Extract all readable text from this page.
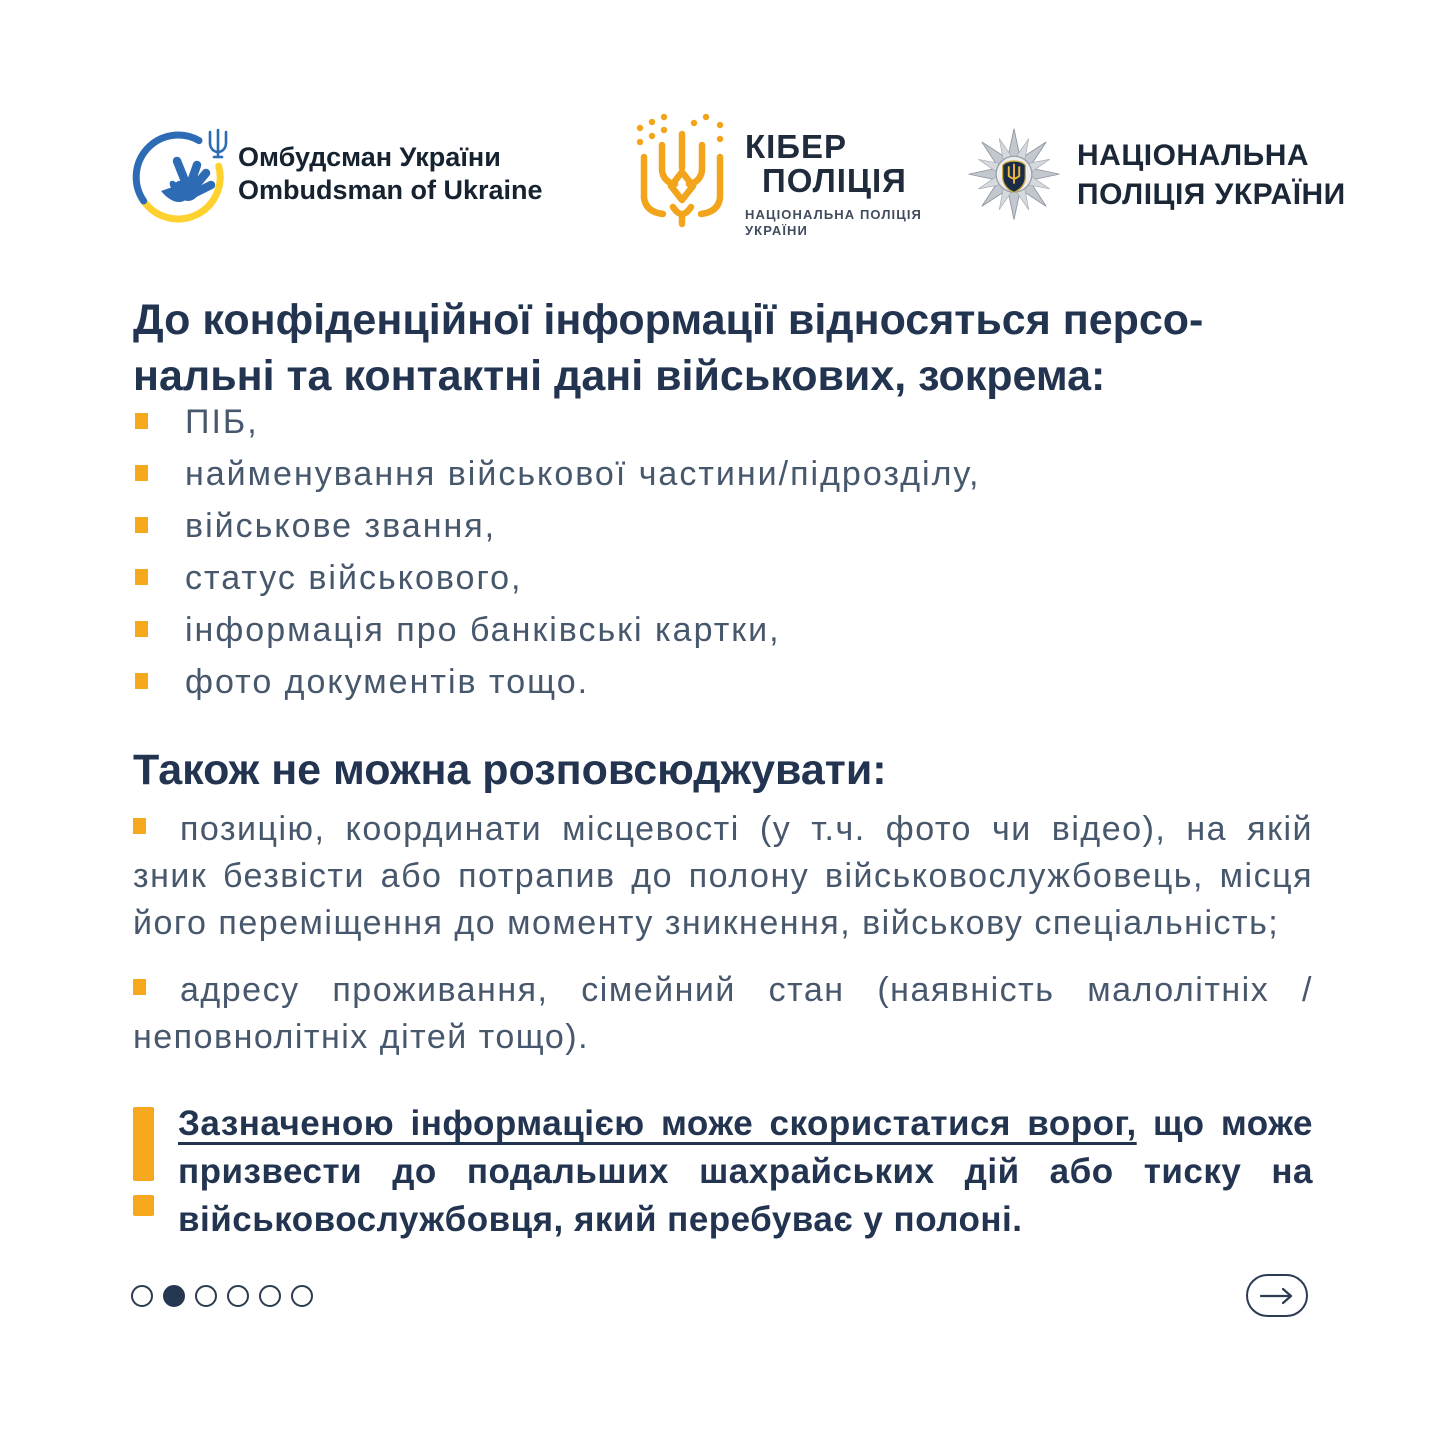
Омбудсман України
Ombudsman of Ukraine
КІБЕР
ПОЛІЦІЯ
НАЦІОНАЛЬНА ПОЛІЦІЯ
УКРАЇНИ
НАЦІОНАЛЬНА
ПОЛІЦІЯ УКРАЇНИ
До конфіденційної інформації відносяться персо-
нальні та контактні дані військових, зокрема:
ПІБ,
найменування військової частини/підрозділу,
військове звання,
статус військового,
інформація про банківські картки,
фото документів тощо.
Також не можна розповсюджувати:

позицію, координати місцевості (у т.ч. фото чи відео), на якій зник безвісти або потрапив до полону військовослужбовець, місця його переміщення до моменту зникнення, військову спеціальність;

адресу проживання, сімейний стан (наявність малолітніх / неповнолітніх дітей тощо).

Зазначеною інформацією може скористатися ворог, що може призвести до подальших шахрайських дій або тиску на військовослужбовця, який перебуває у полоні.
